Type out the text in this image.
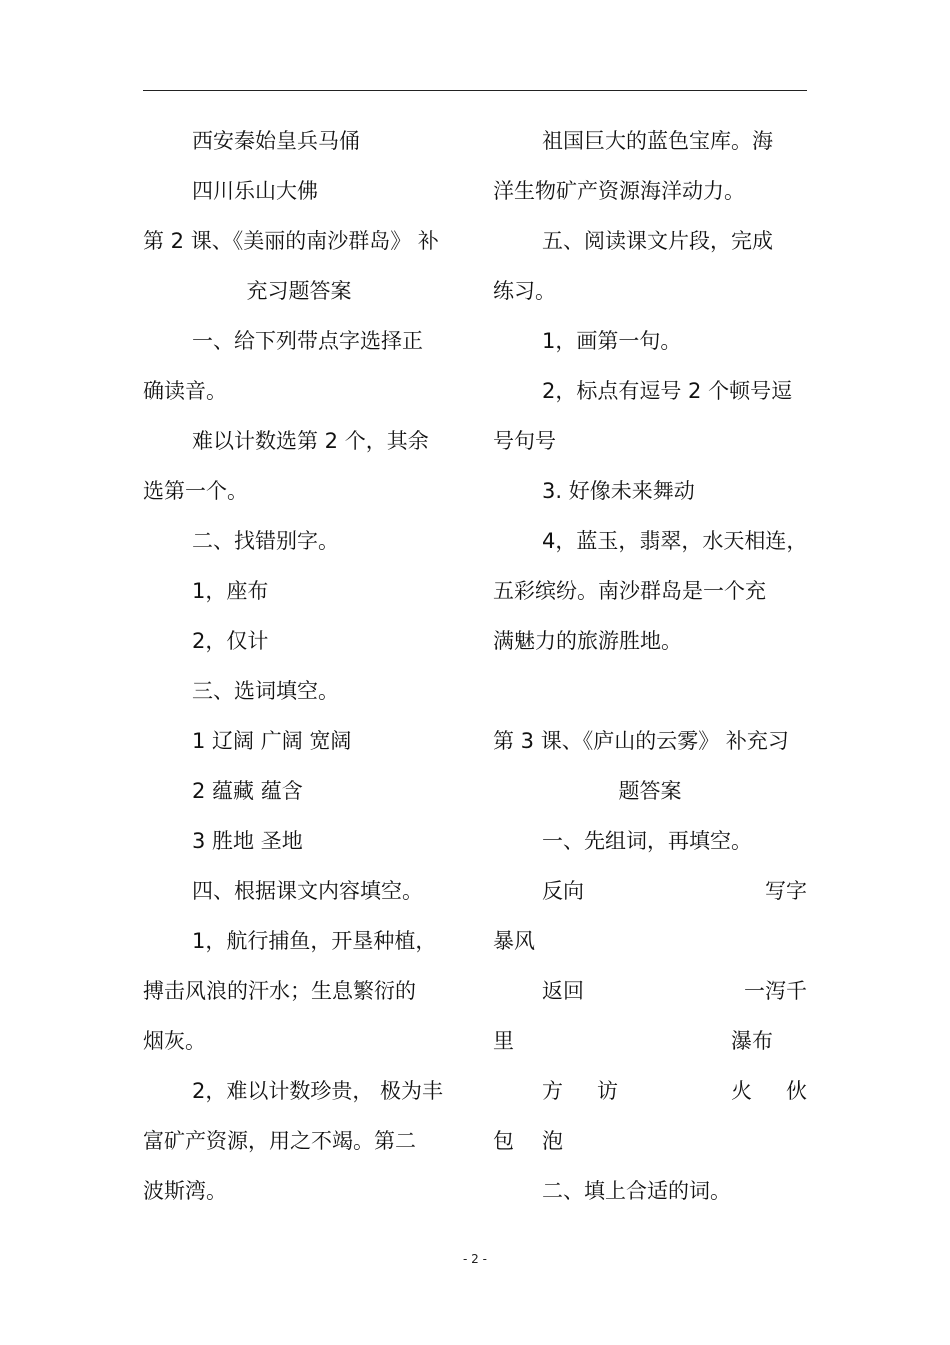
西安秦始皇兵马俑
四川乐山大佛
第 2 课、《美丽的南沙群岛》 补
充习题答案
一、给下列带点字选择正
确读音。
难以计数选第 2 个，其余
选第一个。
二、找错别字。
1，座布
2，仅计
三、选词填空。
1 辽阔 广阔 宽阔
2 蕴藏 蕴含
3 胜地 圣地
四、根据课文内容填空。
1，航行捕鱼，开垦种植，
搏击风浪的汗水；生息繁衍的
烟灰。
2，难以计数珍贵， 极为丰
富矿产资源，用之不竭。第二
波斯湾。
祖国巨大的蓝色宝库。海
洋生物矿产资源海洋动力。
五、阅读课文片段，完成
练习。
1，画第一句。
2，标点有逗号 2 个顿号逗
号句号
3. 好像未来舞动
4，蓝玉，翡翠，水天相连，
五彩缤纷。南沙群岛是一个充
满魅力的旅游胜地。
第 3 课、《庐山的云雾》 补充习
题答案
一、先组词，再填空。
反向	写字
暴风
返回	一泻千
里	瀑布
方 访	火 伙
包 泡
二、填上合适的词。
- 2 -
